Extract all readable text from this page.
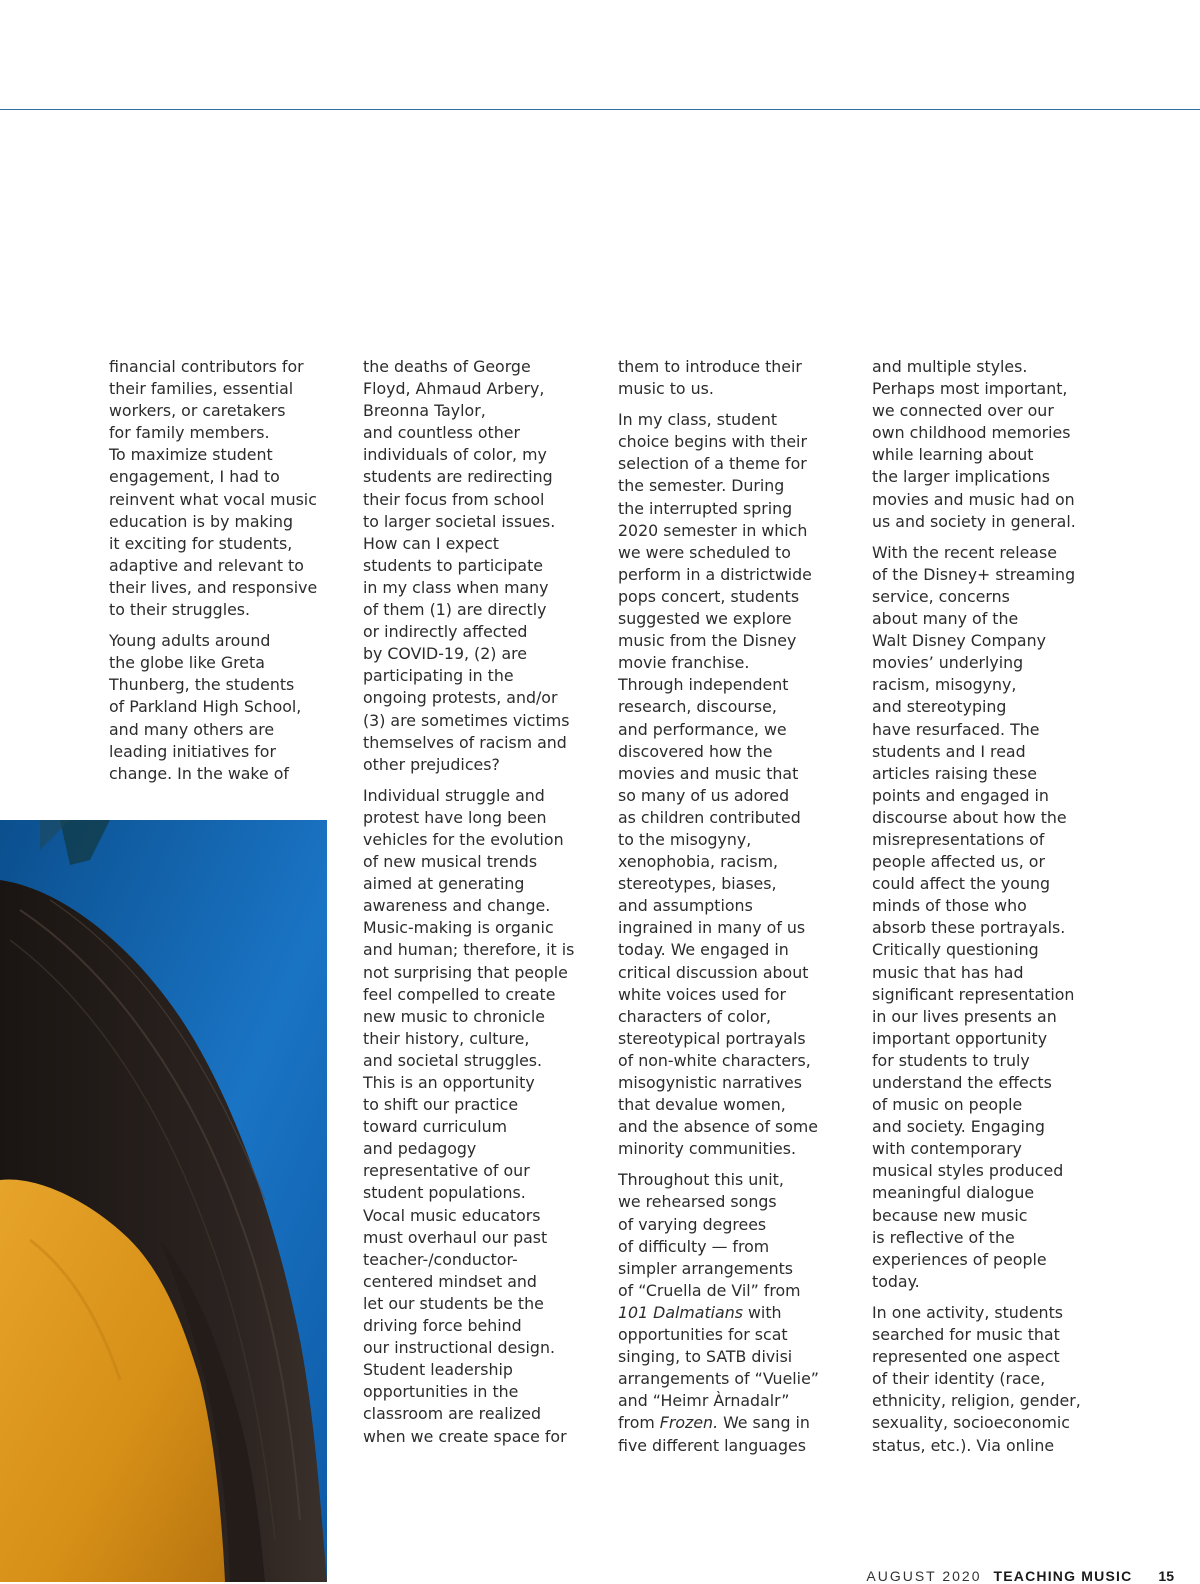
ﬁnancial contributors for
their families, essential
workers, or caretakers
for family members.
To maximize student
engagement, I had to
reinvent what vocal music
education is by making
it exciting for students,
adaptive and relevant to
their lives, and responsive
to their struggles.

Young adults around
the globe like Greta
Thunberg, the students
of Parkland High School,
and many others are
leading initiatives for
change. In the wake of

the deaths of George
Floyd, Ahmaud Arbery,
Breonna Taylor,
and countless other
individuals of color, my
students are redirecting
their focus from school
to larger societal issues.
How can I expect
students to participate
in my class when many
of them (1) are directly
or indirectly aﬀected
by COVID-19, (2) are
participating in the
ongoing protests, and/or
(3) are sometimes victims
themselves of racism and
other prejudices?

Individual struggle and
protest have long been
vehicles for the evolution
of new musical trends
aimed at generating
awareness and change.
Music-making is organic
and human; therefore, it is
not surprising that people
feel compelled to create
new music to chronicle
their history, culture,
and societal struggles.
This is an opportunity
to shift our practice
toward curriculum
and pedagogy
representative of our
student populations.
Vocal music educators
must overhaul our past
teacher-/conductor-
centered mindset and
let our students be the
driving force behind
our instructional design.
Student leadership
opportunities in the
classroom are realized
when we create space for

them to introduce their
music to us.

In my class, student
choice begins with their
selection of a theme for
the semester. During
the interrupted spring
2020 semester in which
we were scheduled to
perform in a districtwide
pops concert, students
suggested we explore
music from the Disney
movie franchise.
Through independent
research, discourse,
and performance, we
discovered how the
movies and music that
so many of us adored
as children contributed
to the misogyny,
xenophobia, racism,
stereotypes, biases,
and assumptions
ingrained in many of us
today. We engaged in
critical discussion about
white voices used for
characters of color,
stereotypical portrayals
of non-white characters,
misogynistic narratives
that devalue women,
and the absence of some
minority communities.

Throughout this unit,
we rehearsed songs
of varying degrees
of diﬃculty — from
simpler arrangements
of “Cruella de Vil” from
101 Dalmatians with
opportunities for scat
singing, to SATB divisi
arrangements of “Vuelie”
and “Heimr Àrnadalr”
from Frozen. We sang in
ﬁve diﬀerent languages

and multiple styles.
Perhaps most important,
we connected over our
own childhood memories
while learning about
the larger implications
movies and music had on
us and society in general.

With the recent release
of the Disney+ streaming
service, concerns
about many of the
Walt Disney Company
movies’ underlying
racism, misogyny,
and stereotyping
have resurfaced. The
students and I read
articles raising these
points and engaged in
discourse about how the
misrepresentations of
people aﬀected us, or
could aﬀect the young
minds of those who
absorb these portrayals.
Critically questioning
music that has had
signiﬁcant representation
in our lives presents an
important opportunity
for students to truly
understand the eﬀects
of music on people
and society. Engaging
with contemporary
musical styles produced
meaningful dialogue
because new music
is reﬂective of the
experiences of people
today.

In one activity, students
searched for music that
represented one aspect
of their identity (race,
ethnicity, religion, gender,
sexuality, socioeconomic
status, etc.). Via online

AUGUST 2020 TEACHING MUSIC 15
